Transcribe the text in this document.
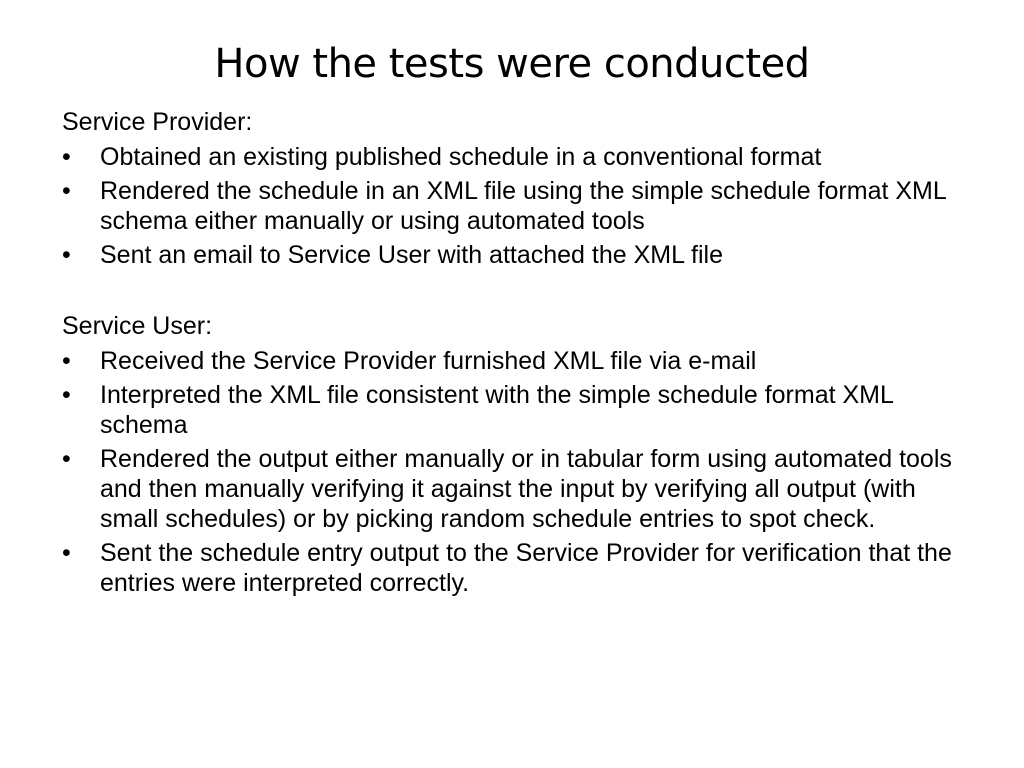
How the tests were conducted

Service Provider:

• Obtained an existing published schedule in a conventional format
• Rendered the schedule in an XML file using the simple schedule format XML schema either manually or using automated tools
• Sent an email to Service User with attached the XML file

Service User:

• Received the Service Provider furnished XML file via e-mail
• Interpreted the XML file consistent with the simple schedule format XML schema
• Rendered the output either manually or in tabular form using automated tools and then manually verifying it against the input by verifying all output (with small schedules) or by picking random schedule entries to spot check.
• Sent the schedule entry output to the Service Provider for verification that the entries were interpreted correctly.
